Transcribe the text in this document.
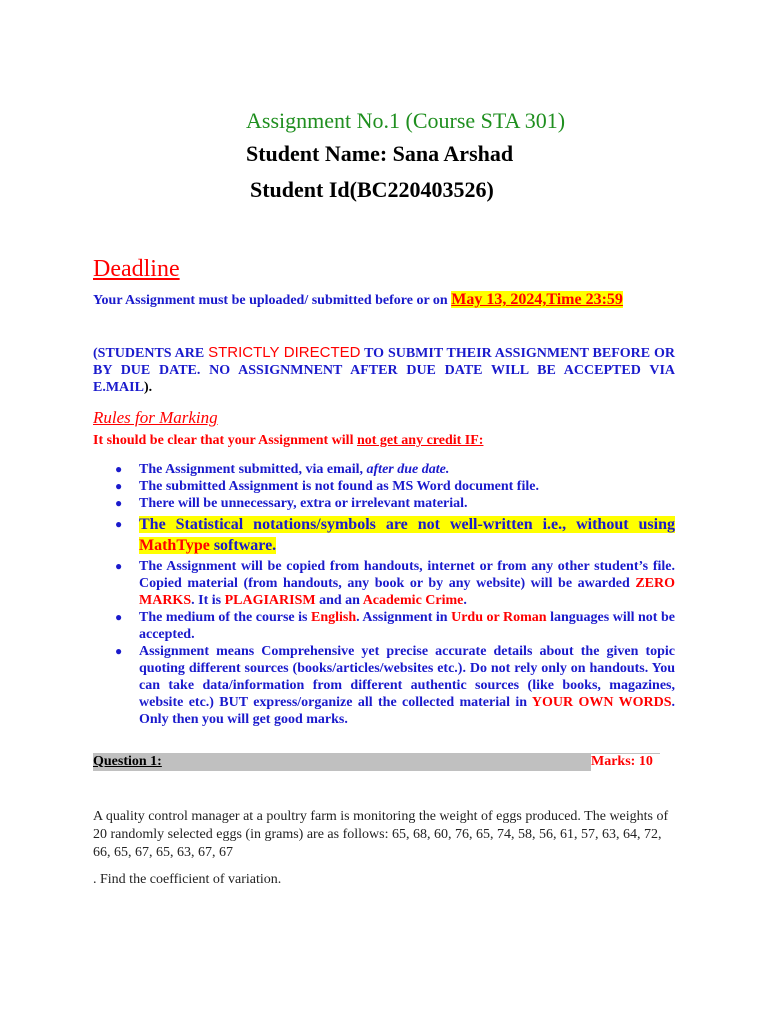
Assignment No.1 (Course STA 301)
Student Name: Sana Arshad
Student Id(BC220403526)
Deadline
Your Assignment must be uploaded/ submitted before or on May 13, 2024,Time 23:59
(STUDENTS ARE STRICTLY DIRECTED TO SUBMIT THEIR ASSIGNMENT BEFORE OR BY DUE DATE. NO ASSIGNMNENT AFTER DUE DATE WILL BE ACCEPTED VIA E.MAIL).
Rules for Marking
It should be clear that your Assignment will not get any credit IF:
● The Assignment submitted, via email, after due date.
● The submitted Assignment is not found as MS Word document file.
● There will be unnecessary, extra or irrelevant material.
● The Statistical notations/symbols are not well-written i.e., without using MathType software.
● The Assignment will be copied from handouts, internet or from any other student’s file. Copied material (from handouts, any book or by any website) will be awarded ZERO MARKS. It is PLAGIARISM and an Academic Crime.
● The medium of the course is English. Assignment in Urdu or Roman languages will not be accepted.
● Assignment means Comprehensive yet precise accurate details about the given topic quoting different sources (books/articles/websites etc.). Do not rely only on handouts. You can take data/information from different authentic sources (like books, magazines, website etc.) BUT express/organize all the collected material in YOUR OWN WORDS. Only then you will get good marks.
Question 1:	Marks: 10
A quality control manager at a poultry farm is monitoring the weight of eggs produced. The weights of 20 randomly selected eggs (in grams) are as follows: 65, 68, 60, 76, 65, 74, 58, 56, 61, 57, 63, 64, 72, 66, 65, 67, 65, 63, 67, 67
. Find the coefficient of variation.
